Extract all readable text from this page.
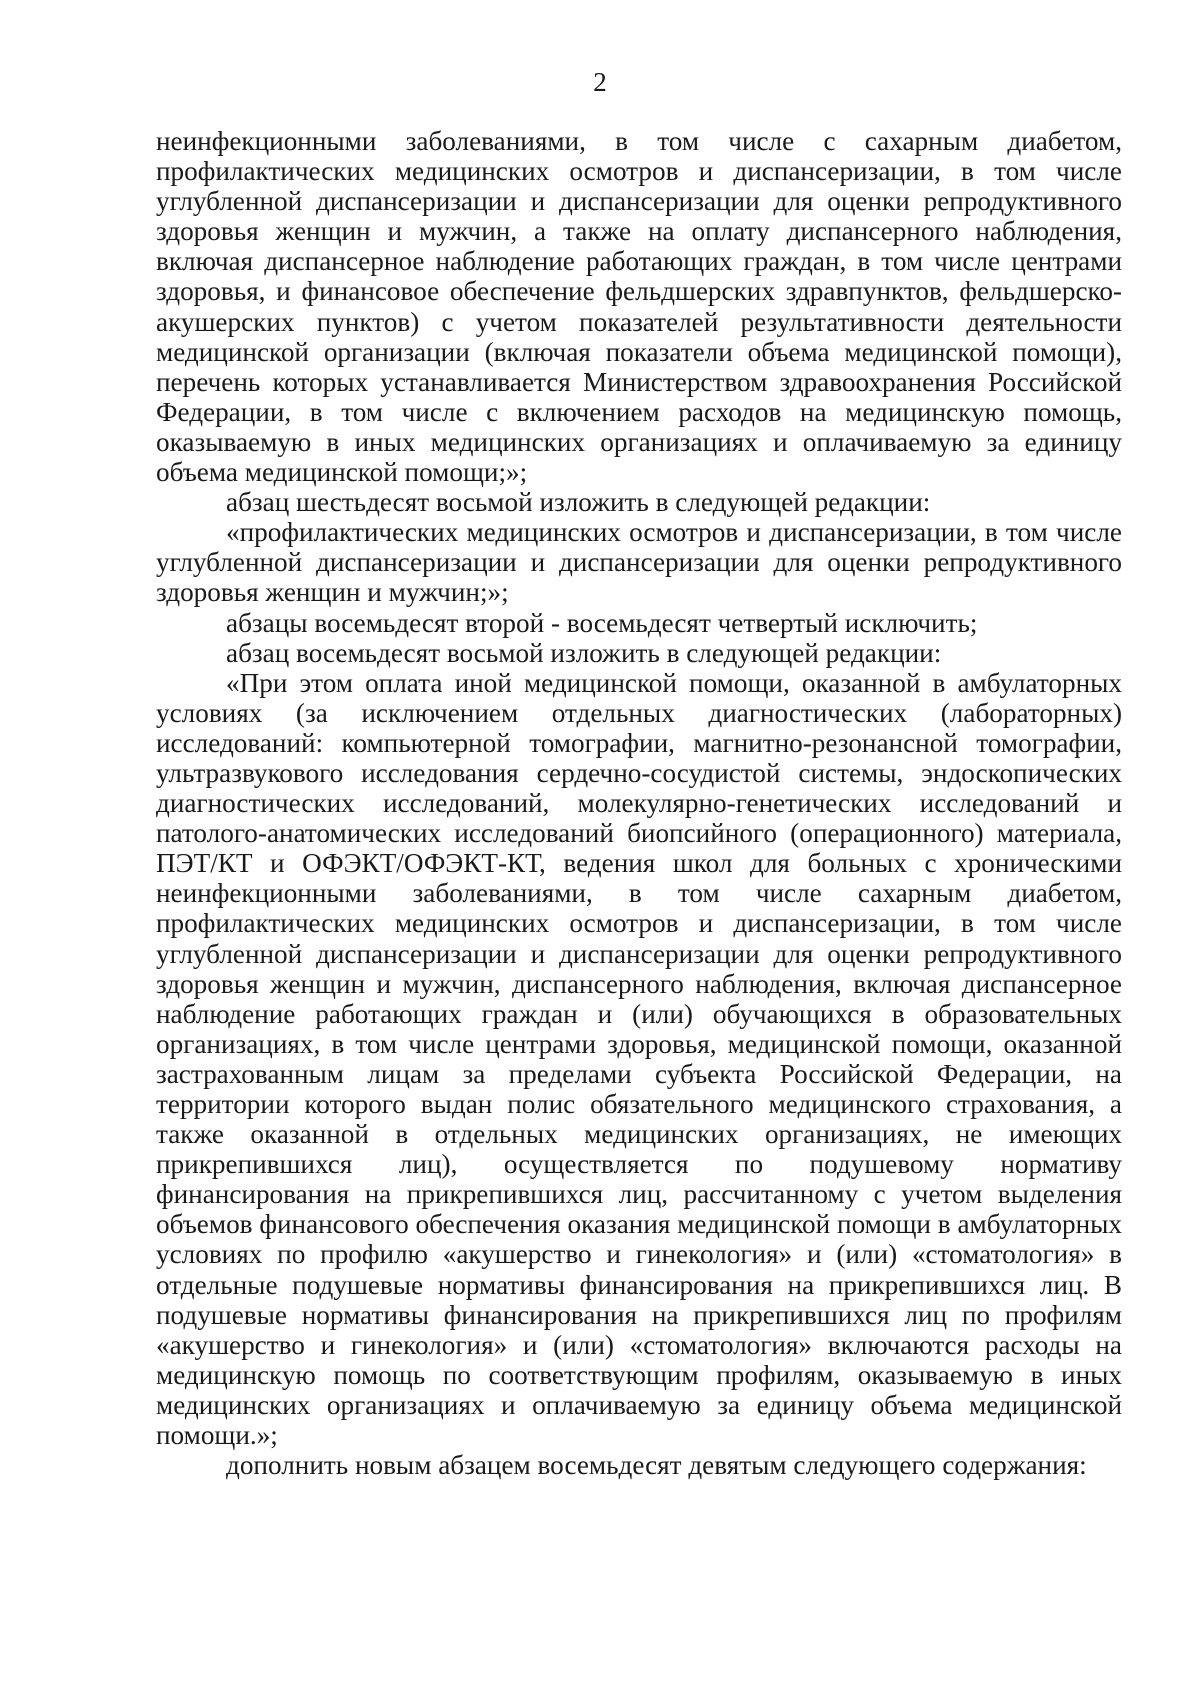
2

неинфекционными заболеваниями, в том числе с сахарным диабетом, профилактических медицинских осмотров и диспансеризации, в том числе углубленной диспансеризации и диспансеризации для оценки репродуктивного здоровья женщин и мужчин, а также на оплату диспансерного наблюдения, включая диспансерное наблюдение работающих граждан, в том числе центрами здоровья, и финансовое обеспечение фельдшерских здравпунктов, фельдшерско-акушерских пунктов) с учетом показателей результативности деятельности медицинской организации (включая показатели объема медицинской помощи), перечень которых устанавливается Министерством здравоохранения Российской Федерации, в том числе с включением расходов на медицинскую помощь, оказываемую в иных медицинских организациях и оплачиваемую за единицу объема медицинской помощи;»;

абзац шестьдесят восьмой изложить в следующей редакции:

«профилактических медицинских осмотров и диспансеризации, в том числе углубленной диспансеризации и диспансеризации для оценки репродуктивного здоровья женщин и мужчин;»;

абзацы восемьдесят второй - восемьдесят четвертый исключить;

абзац восемьдесят восьмой изложить в следующей редакции:

«При этом оплата иной медицинской помощи, оказанной в амбулаторных условиях (за исключением отдельных диагностических (лабораторных) исследований: компьютерной томографии, магнитно-резонансной томографии, ультразвукового исследования сердечно-сосудистой системы, эндоскопических диагностических исследований, молекулярно-генетических исследований и патолого-анатомических исследований биопсийного (операционного) материала, ПЭТ/КТ и ОФЭКТ/ОФЭКТ-КТ, ведения школ для больных с хроническими неинфекционными заболеваниями, в том числе сахарным диабетом, профилактических медицинских осмотров и диспансеризации, в том числе углубленной диспансеризации и диспансеризации для оценки репродуктивного здоровья женщин и мужчин, диспансерного наблюдения, включая диспансерное наблюдение работающих граждан и (или) обучающихся в образовательных организациях, в том числе центрами здоровья, медицинской помощи, оказанной застрахованным лицам за пределами субъекта Российской Федерации, на территории которого выдан полис обязательного медицинского страхования, а также оказанной в отдельных медицинских организациях, не имеющих прикрепившихся лиц), осуществляется по подушевому нормативу финансирования на прикрепившихся лиц, рассчитанному с учетом выделения объемов финансового обеспечения оказания медицинской помощи в амбулаторных условиях по профилю «акушерство и гинекология» и (или) «стоматология» в отдельные подушевые нормативы финансирования на прикрепившихся лиц. В подушевые нормативы финансирования на прикрепившихся лиц по профилям «акушерство и гинекология» и (или) «стоматология» включаются расходы на медицинскую помощь по соответствующим профилям, оказываемую в иных медицинских организациях и оплачиваемую за единицу объема медицинской помощи.»;

дополнить новым абзацем восемьдесят девятым следующего содержания:
